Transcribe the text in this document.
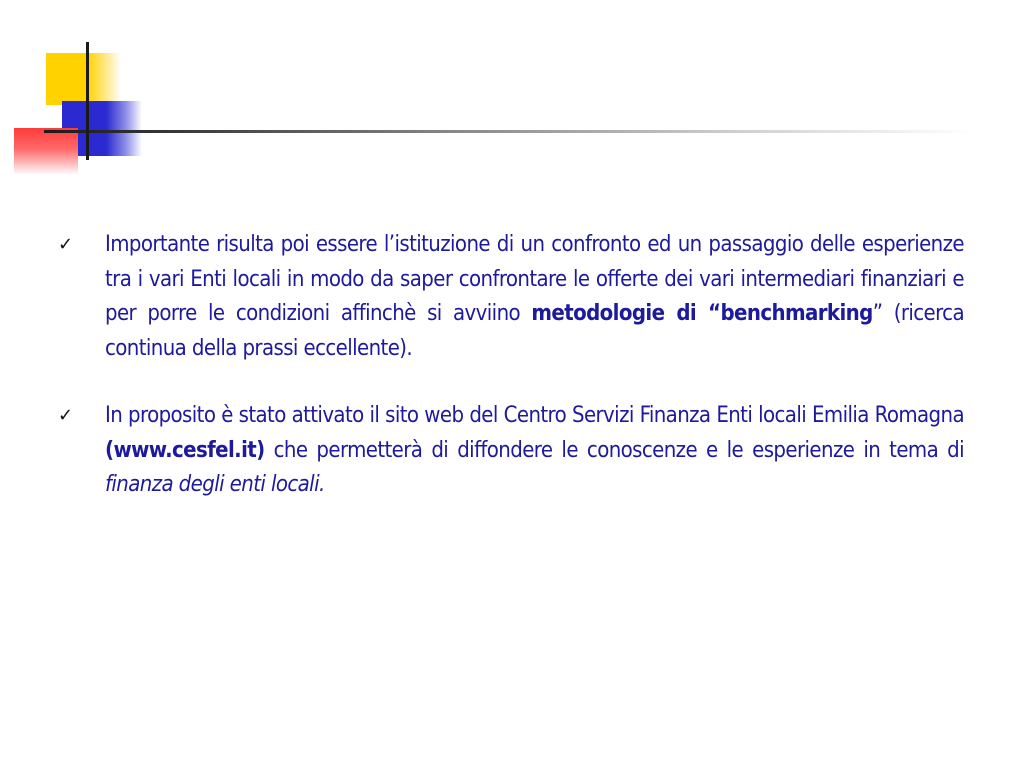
✓	Importante risulta poi essere l’istituzione di un confronto ed un passaggio delle esperienze tra i vari Enti locali in modo da saper confrontare le offerte dei vari intermediari finanziari e per porre le condizioni affinchè si avviino metodologie di “benchmarking” (ricerca continua della prassi eccellente).

✓	In proposito è stato attivato il sito web del Centro Servizi Finanza Enti locali Emilia Romagna (www.cesfel.it) che permetterà di diffondere le conoscenze e le esperienze in tema di finanza degli enti locali.
